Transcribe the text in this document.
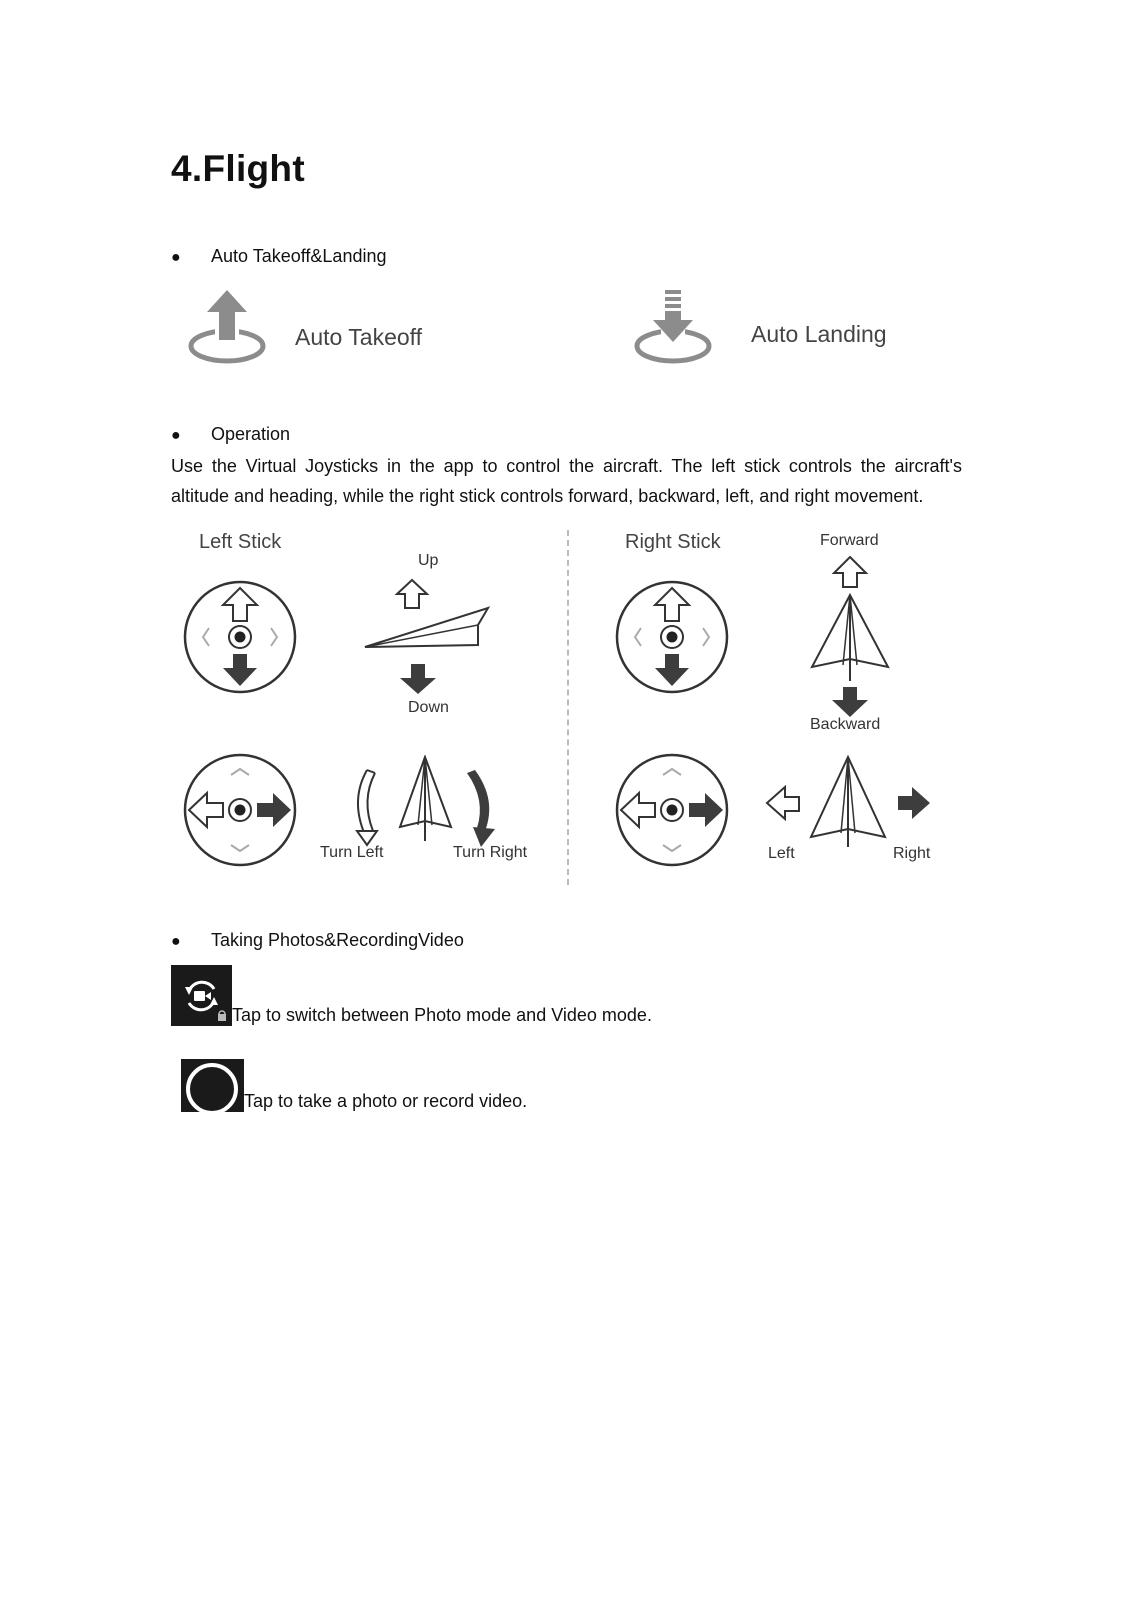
4.Flight
● Auto Takeoff&Landing
Auto Takeoff	Auto Landing
● Operation
Use the Virtual Joysticks in the app to control the aircraft. The left stick controls the aircraft's altitude and heading, while the right stick controls forward, backward, left, and right movement.
Left Stick	Right Stick
Up
Down
Turn Left	Turn Right
Forward
Backward
Left	Right
● Taking Photos&RecordingVideo
Tap to switch between Photo mode and Video mode.
Tap to take a photo or record video.
